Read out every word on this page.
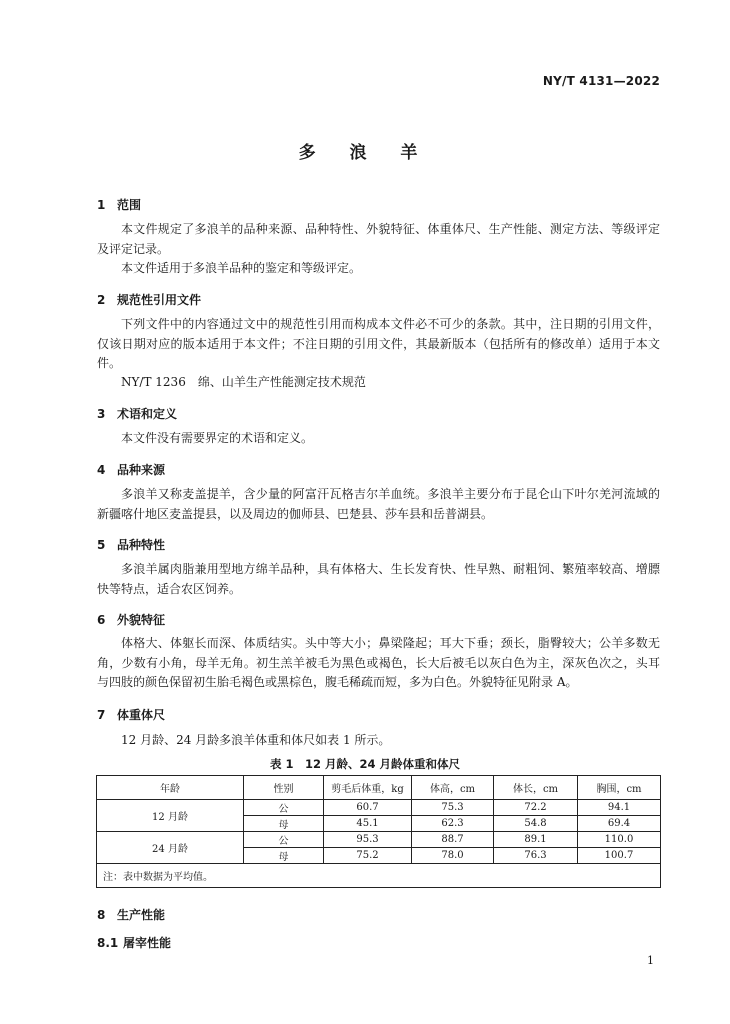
NY/T 4131—2022
多 浪 羊
1 范围
本文件规定了多浪羊的品种来源、品种特性、外貌特征、体重体尺、生产性能、测定方法、等级评定及评定记录。
本文件适用于多浪羊品种的鉴定和等级评定。
2 规范性引用文件
下列文件中的内容通过文中的规范性引用而构成本文件必不可少的条款。其中，注日期的引用文件，仅该日期对应的版本适用于本文件；不注日期的引用文件，其最新版本（包括所有的修改单）适用于本文件。
NY/T 1236　绵、山羊生产性能测定技术规范
3 术语和定义
本文件没有需要界定的术语和定义。
4 品种来源
多浪羊又称麦盖提羊，含少量的阿富汗瓦格吉尔羊血统。多浪羊主要分布于昆仑山下叶尔羌河流域的新疆喀什地区麦盖提县，以及周边的伽师县、巴楚县、莎车县和岳普湖县。
5 品种特性
多浪羊属肉脂兼用型地方绵羊品种，具有体格大、生长发育快、性早熟、耐粗饲、繁殖率较高、增膘快等特点，适合农区饲养。
6 外貌特征
体格大、体躯长而深、体质结实。头中等大小；鼻梁隆起；耳大下垂；颈长，脂臀较大；公羊多数无角，少数有小角，母羊无角。初生羔羊被毛为黑色或褐色，长大后被毛以灰白色为主，深灰色次之，头耳与四肢的颜色保留初生胎毛褐色或黑棕色，腹毛稀疏而短，多为白色。外貌特征见附录 A。
7 体重体尺
12 月龄、24 月龄多浪羊体重和体尺如表 1 所示。
表 1　12 月龄、24 月龄体重和体尺
年龄	性别	剪毛后体重，kg	体高，cm	体长，cm	胸围，cm
12 月龄	公	60.7	75.3	72.2	94.1
	母	45.1	62.3	54.8	69.4
24 月龄	公	95.3	88.7	89.1	110.0
	母	75.2	78.0	76.3	100.7
注：表中数据为平均值。					
8 生产性能
8.1 屠宰性能
1
